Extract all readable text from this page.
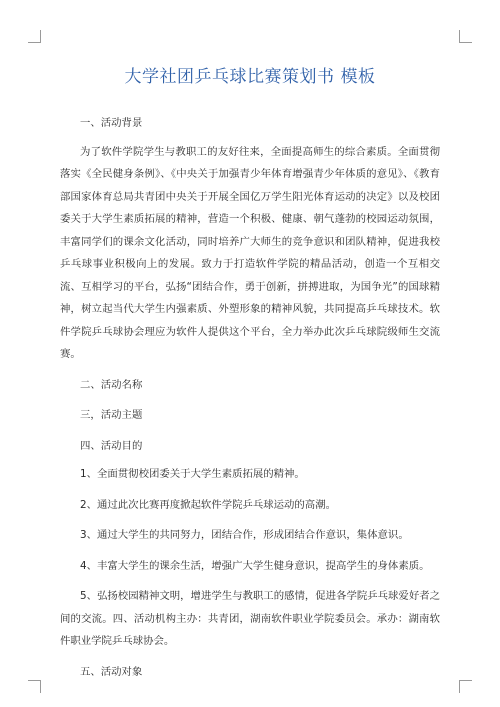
大学社团乒乓球比赛策划书 模板

一、活动背景

为了软件学院学生与教职工的友好往来，全面提高师生的综合素质。全面贯彻落实《全民健身条例》、《中央关于加强青少年体育增强青少年体质的意见》、《教育部国家体育总局共青团中央关于开展全国亿万学生阳光体育运动的决定》以及校团委关于大学生素质拓展的精神，营造一个积极、健康、朝气蓬勃的校园运动氛围，丰富同学们的课余文化活动，同时培养广大师生的竞争意识和团队精神，促进我校乒乓球事业积极向上的发展。致力于打造软件学院的精品活动，创造一个互相交流、互相学习的平台，弘扬“团结合作，勇于创新，拼搏进取，为国争光”的国球精神，树立起当代大学生内强素质、外塑形象的精神风貌，共同提高乒乓球技术。软件学院乒乓球协会理应为软件人提供这个平台，全力举办此次乒乓球院级师生交流赛。

二、活动名称

三，活动主题

四、活动目的

1、全面贯彻校团委关于大学生素质拓展的精神。

2、通过此次比赛再度掀起软件学院乒乓球运动的高潮。

3、通过大学生的共同努力，团结合作，形成团结合作意识，集体意识。

4、丰富大学生的课余生活，增强广大学生健身意识，提高学生的身体素质。

5、弘扬校园精神文明，增进学生与教职工的感情，促进各学院乒乓球爱好者之间的交流。四、活动机构主办：共青团，湖南软件职业学院委员会。承办：湖南软件职业学院乒乓球协会。

五、活动对象
